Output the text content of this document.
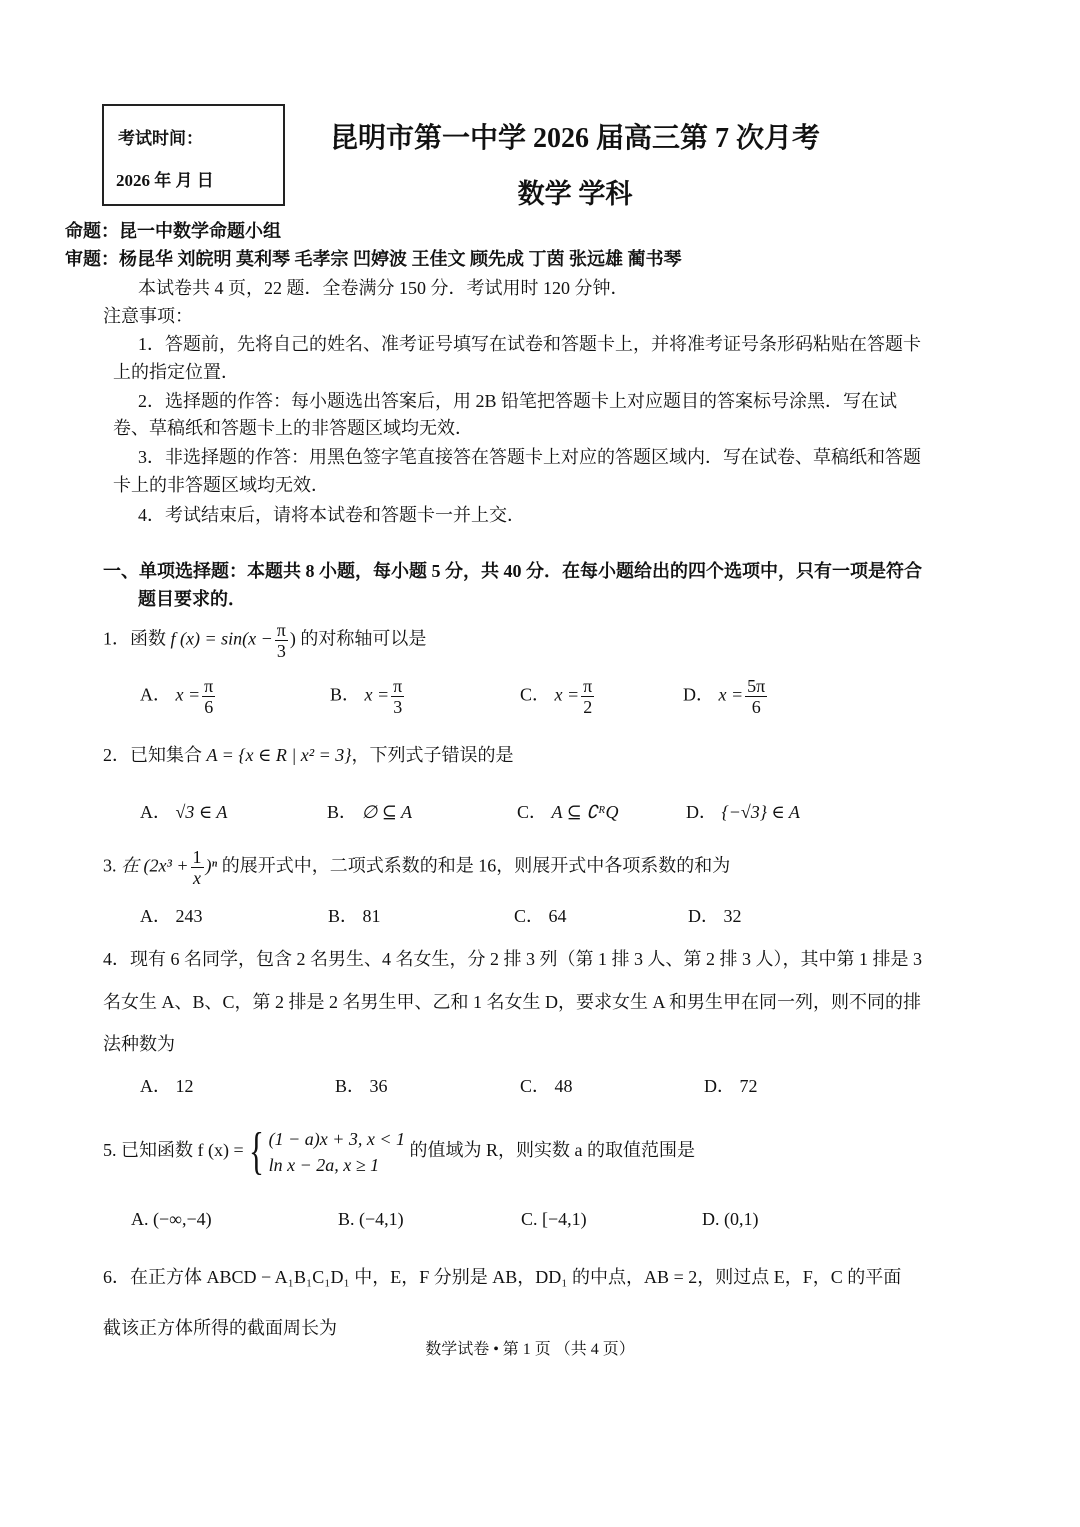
考试时间：
2026 年 月 日
昆明市第一中学 2026 届高三第 7 次月考
数学 学科
命题：昆一中数学命题小组
审题：杨昆华 刘皖明 莫利琴 毛孝宗 凹婷波 王佳文 顾先成 丁茵 张远雄 蔺书琴
本试卷共 4 页，22 题．全卷满分 150 分．考试用时 120 分钟．
注意事项：
1．答题前，先将自己的姓名、准考证号填写在试卷和答题卡上，并将准考证号条形码粘贴在答题卡
上的指定位置．
2．选择题的作答：每小题选出答案后，用 2B 铅笔把答题卡上对应题目的答案标号涂黑．写在试
卷、草稿纸和答题卡上的非答题区域均无效．
3．非选择题的作答：用黑色签字笔直接答在答题卡上对应的答题区域内．写在试卷、草稿纸和答题
卡上的非答题区域均无效．
4．考试结束后，请将本试卷和答题卡一并上交．
一、单项选择题：本题共 8 小题，每小题 5 分，共 40 分．在每小题给出的四个选项中，只有一项是符合
题目要求的．
1．函数 f $(x) = \sin(x - \frac{\pi}{3}$ ) 的对称轴可以是
A． $x = \frac{\pi}{6}$	B． $x = \frac{\pi}{3}$	C． $x = \frac{\pi}{2}$	D． $x = \frac{5\pi}{6}$
2．已知集合 A = {x ∈ R | x² = 3}，下列式子错误的是
A． √3 ∈ A	B． ∅ ⊆ A	C． A ⊆ ∁ᴿQ	D． {−√3} ∈ A
3. 在 $(2x^3 + \frac{1}{x} )^n$ 的展开式中，二项式系数的和是 16，则展开式中各项系数的和为
A． 243	B． 81	C． 64	D． 32
4．现有 6 名同学，包含 2 名男生、4 名女生，分 2 排 3 列（第 1 排 3 人、第 2 排 3 人），其中第 1 排是 3
名女生 A、B、C，第 2 排是 2 名男生甲、乙和 1 名女生 D，要求女生 A 和男生甲在同一列，则不同的排
法种数为
A． 12	B． 36	C． 48	D． 72
5. 已知函数 f (x) ={ (1 − a)x + 3, x < 1
ln x − 2a, x ≥ 1
的值域为 R，则实数 a 的取值范围是
A. (−∞,−4)	B. (−4,1)	C. [−4,1)	D. (0,1)
6．在正方体 ABCD − A₁B₁C₁D₁ 中，E，F 分别是 AB，DD₁ 的中点，AB = 2，则过点 E，F，C 的平面
截该正方体所得的截面周长为
数学试卷 • 第 1 页 （共 4 页）
